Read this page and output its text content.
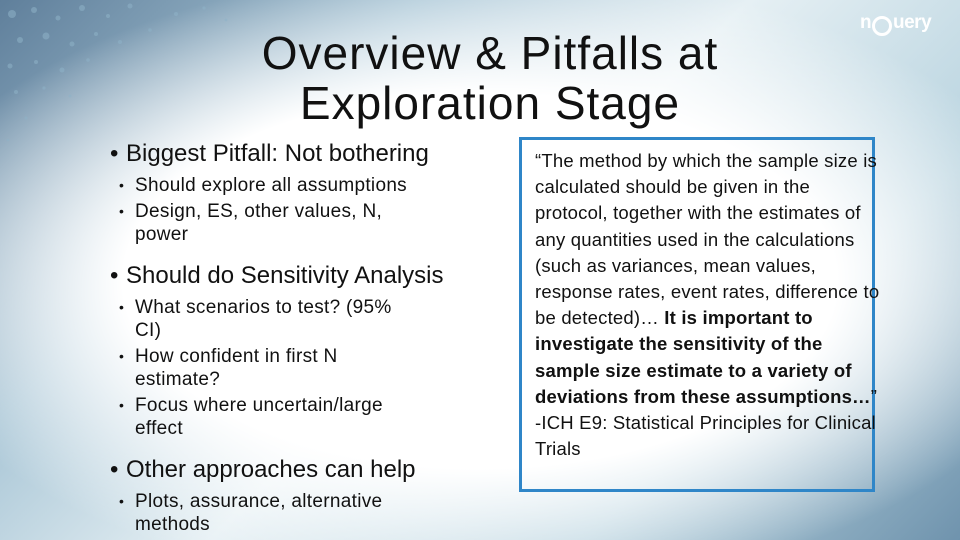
n uery
Overview & Pitfalls at
Exploration Stage
• Biggest Pitfall: Not bothering
• Should explore all assumptions
• Design, ES, other values, N,
power
• Should do Sensitivity Analysis
• What scenarios to test? (95%
CI)
• How confident in first N
estimate?
• Focus where uncertain/large
effect
• Other approaches can help
• Plots, assurance, alternative
methods
“The method by which the sample size is calculated should be given in the protocol, together with the estimates of any quantities used in the calculations (such as variances, mean values, response rates, event rates, difference to be detected)… It is important to investigate the sensitivity of the sample size estimate to a variety of deviations from these assumptions…”
-ICH E9: Statistical Principles for Clinical Trials
